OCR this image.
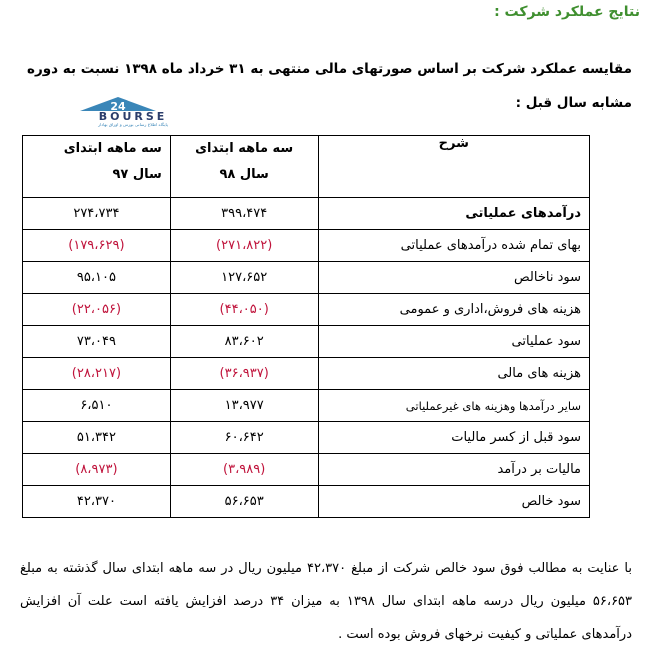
نتایج عملکرد شرکت :
مقایسه عملکرد شرکت بر اساس صورتهای مالی منتهی به ۳۱ خرداد ماه ۱۳۹۸ نسبت به دوره مشابه سال قبل :
24
BOURSE
پایگاه اطلاع رسانی بورس و اوراق بهادار
شرح	سه ماهه ابتدای سال ۹۸	سه ماهه ابتدای سال ۹۷
درآمدهای عملیاتی	۳۹۹،۴۷۴	۲۷۴،۷۳۴
بهای تمام شده درآمدهای عملیاتی	(۲۷۱،۸۲۲)	(۱۷۹،۶۲۹)
سود ناخالص	۱۲۷،۶۵۲	۹۵،۱۰۵
هزینه های فروش،اداری و عمومی	(۴۴،۰۵۰)	(۲۲،۰۵۶)
سود عملیاتی	۸۳،۶۰۲	۷۳،۰۴۹
هزینه های مالی	(۳۶،۹۳۷)	(۲۸،۲۱۷)
سایر درآمدها وهزینه های غیرعملیاتی	۱۳،۹۷۷	۶،۵۱۰
سود قبل از کسر مالیات	۶۰،۶۴۲	۵۱،۳۴۲
مالیات بر درآمد	(۳،۹۸۹)	(۸،۹۷۳)
سود خالص	۵۶،۶۵۳	۴۲،۳۷۰
با عنایت به مطالب فوق سود خالص شرکت از مبلغ ۴۲،۳۷۰ میلیون ریال در سه ماهه ابتدای سال گذشته به مبلغ ۵۶،۶۵۳ میلیون ریال درسه ماهه ابتدای سال ۱۳۹۸ به میزان ۳۴ درصد افزایش یافته است علت آن افزایش درآمدهای عملیاتی و کیفیت نرخهای فروش بوده است .
